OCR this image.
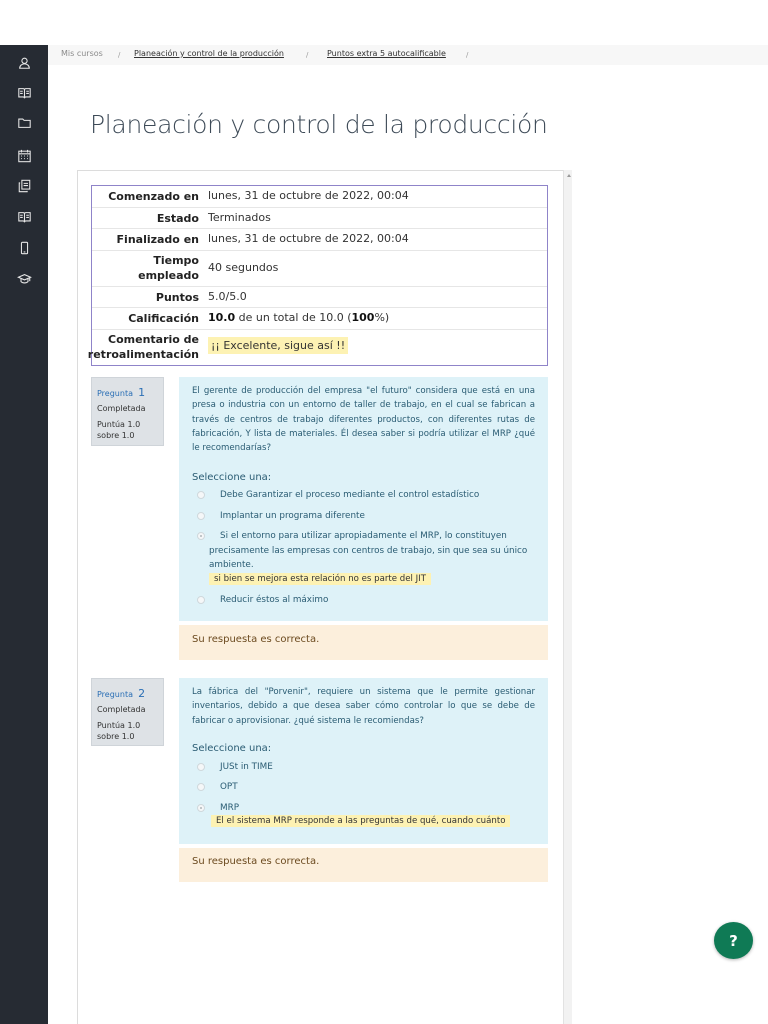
Mis cursos / Planeación y control de la producción	/ Puntos extra 5 autocalificable	/
Planeación y control de la producción
Comenzado en lunes, 31 de octubre de 2022, 00:04
Estado Terminados
Finalizado en lunes, 31 de octubre de 2022, 00:04
Tiempo
empleado
40 segundos
Puntos 5.0/5.0
Calificación 10.0 de un total de 10.0 (100%)
Comentario de
retroalimentación
¡¡ Excelente, sigue así !!
Pregunta 1
Completada
Puntúa 1.0
sobre 1.0

El gerente de producción del empresa "el futuro" considera que está en una presa o industria con un entorno de taller de trabajo, en el cual se fabrican a través de centros de trabajo diferentes productos, con diferentes rutas de fabricación, Y lista de materiales. Él desea saber si podría utilizar el MRP ¿qué le recomendarías?

Seleccione una:
Debe Garantizar el proceso mediante el control estadístico
Implantar un programa diferente
Si el entorno para utilizar apropiadamente el MRP, lo constituyen
precisamente las empresas con centros de trabajo, sin que sea su único
ambiente.
si bien se mejora esta relación no es parte del JIT
Reducir éstos al máximo
Su respuesta es correcta.
Pregunta 2
Completada
Puntúa 1.0
sobre 1.0

La fábrica del "Porvenir", requiere un sistema que le permite gestionar inventarios, debido a que desea saber cómo controlar lo que se debe de fabricar o aprovisionar. ¿qué sistema le recomiendas?

Seleccione una:
JUSt in TIME
OPT
MRP
El el sistema MRP responde a las preguntas de qué, cuando cuánto
Su respuesta es correcta.
?
